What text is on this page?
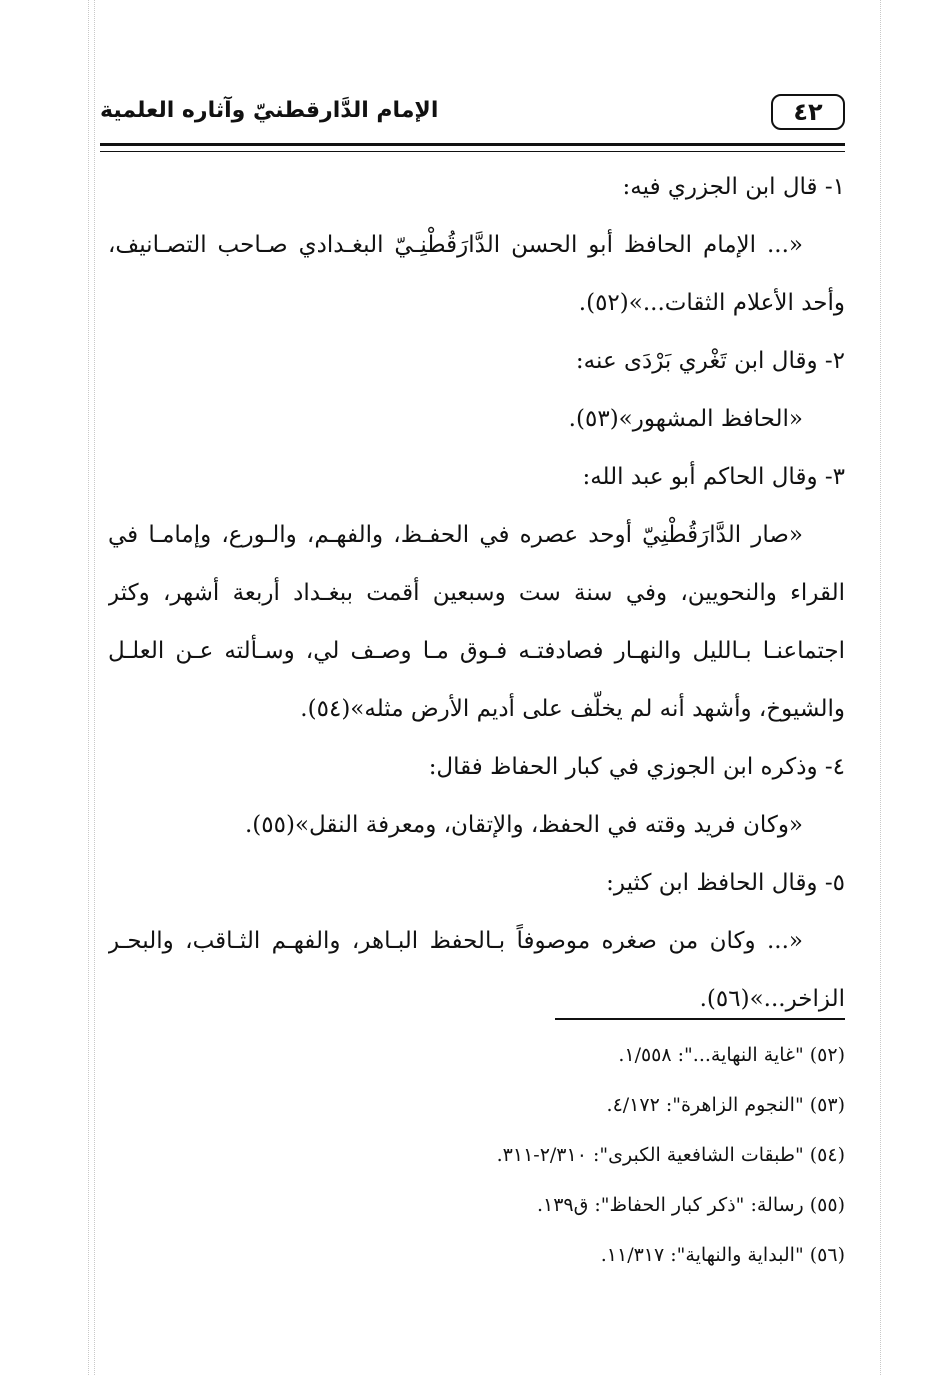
٤٢
الإمام الدَّارقطنيّ وآثاره العلمية
١- قال ابن الجزري فيه:
«... الإمام الحافظ أبو الحسن الدَّارَقُطْنِـيّ البغـدادي صـاحب التصـانيف،
وأحد الأعلام الثقات...»(٥٢).
٢- وقال ابن تَغْري بَرْدَى عنه:
«الحافظ المشهور»(٥٣).
٣- وقال الحاكم أبو عبد الله:
«صار الدَّارَقُطْنِيّ أوحد عصره في الحفـظ، والفهـم، والـورع، وإمامـا في
القراء والنحويين، وفي سنة ست وسبعين أقمت ببغـداد أربعة أشهر، وكثر
اجتماعنـا بـالليل والنهـار فصادفتـه فـوق مـا وصـف لي، وسـألته عـن العلـل
والشيوخ، وأشهد أنه لم يخلّف على أديم الأرض مثله»(٥٤).
٤- وذكره ابن الجوزي في كبار الحفاظ فقال:
«وكان فريد وقته في الحفظ، والإتقان، ومعرفة النقل»(٥٥).
٥- وقال الحافظ ابن كثير:
«... وكان من صغره موصوفاً بـالحفظ البـاهر، والفهـم الثـاقب، والبحـر
الزاخر...»(٥٦).
(٥٢) "غاية النهاية...": ١/٥٥٨.
(٥٣) "النجوم الزاهرة": ٤/١٧٢.
(٥٤) "طبقات الشافعية الكبرى": ٢/٣١٠-٣١١.
(٥٥) رسالة: "ذكر كبار الحفاظ": ق١٣٩.
(٥٦) "البداية والنهاية": ١١/٣١٧.
